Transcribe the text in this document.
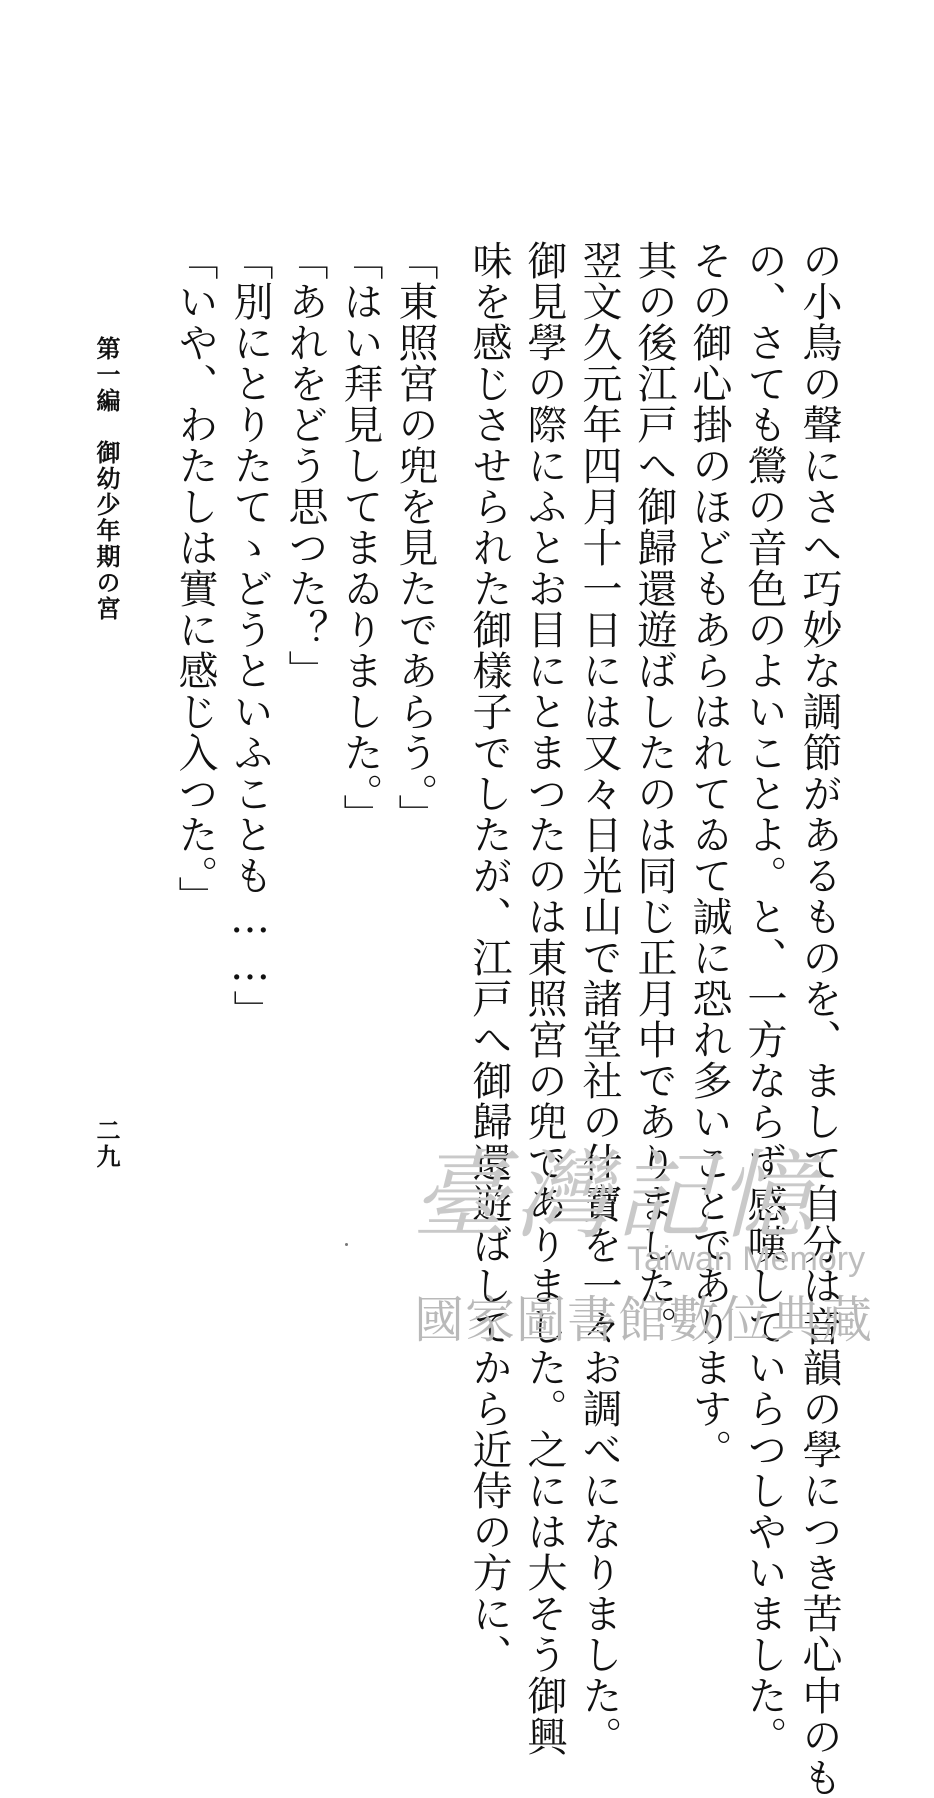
の小鳥の聲にさへ巧妙な調節があるものを、まして自分は音韻の學につき苦心中のも
の、さても鶯の音色のよいことよ。と、一方ならず感嘆していらつしやいました。
その御心掛のほどもあらはれてゐて誠に恐れ多いことであります。
其の後江戸へ御歸還遊ばしたのは同じ正月中でありました。
翌文久元年四月十一日には又々日光山で諸堂社の什寶を一々お調べになりました。
御見學の際にふとお目にとまつたのは東照宮の兜でありました。之には大そう御興
味を感じさせられた御樣子でしたが、江戸へ御歸還遊ばしてから近侍の方に、
「東照宮の兜を見たであらう。」
「はい拜見してまゐりました。」
「あれをどう思つた？」
「別にとりたてゝどうといふことも……」
「いや、わたしは實に感じ入つた。」
第一編　御幼少年期の宮
二九	臺灣記憶
Taiwan Memory
國家圖書館數位典藏
